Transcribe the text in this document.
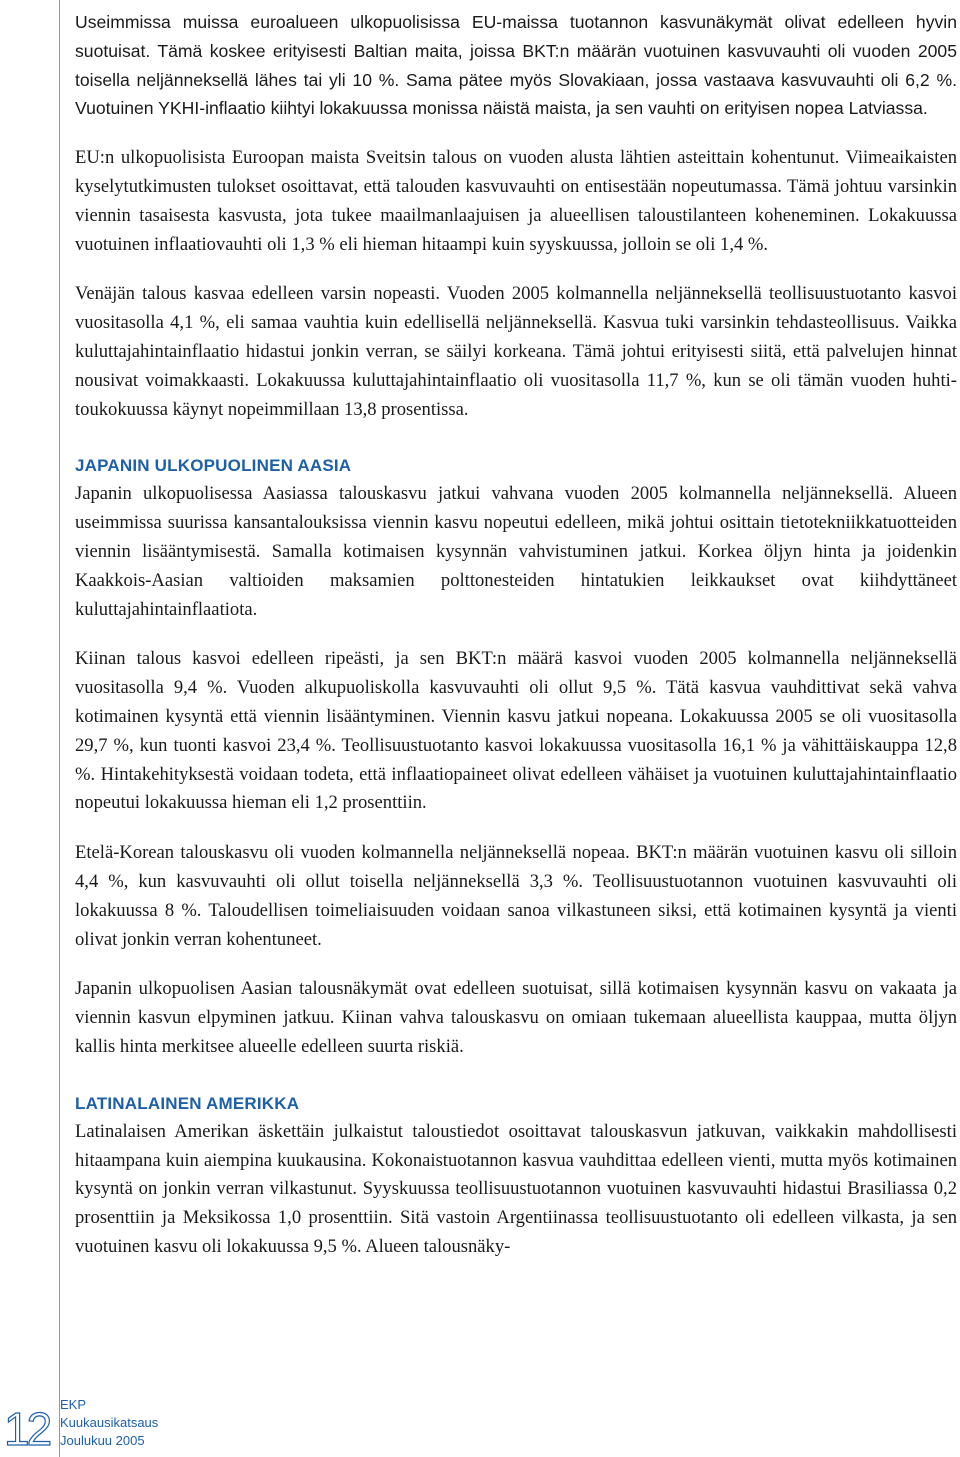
Useimmissa muissa euroalueen ulkopuolisissa EU-maissa tuotannon kasvunäkymät olivat edelleen hyvin suotuisat. Tämä koskee erityisesti Baltian maita, joissa BKT:n määrän vuotuinen kasvuvauhti oli vuoden 2005 toisella neljänneksellä lähes tai yli 10 %. Sama pätee myös Slovakiaan, jossa vastaava kasvuvauhti oli 6,2 %. Vuotuinen YKHI-inflaatio kiihtyi lokakuussa monissa näistä maista, ja sen vauhti on erityisen nopea Latviassa.

EU:n ulkopuolisista Euroopan maista Sveitsin talous on vuoden alusta lähtien asteittain kohentunut. Viimeaikaisten kyselytutkimusten tulokset osoittavat, että talouden kasvuvauhti on entisestään nopeutumassa. Tämä johtuu varsinkin viennin tasaisesta kasvusta, jota tukee maailmanlaajuisen ja alueellisen taloustilanteen koheneminen. Lokakuussa vuotuinen inflaatiovauhti oli 1,3 % eli hieman hitaampi kuin syyskuussa, jolloin se oli 1,4 %.

Venäjän talous kasvaa edelleen varsin nopeasti. Vuoden 2005 kolmannella neljänneksellä teollisuustuotanto kasvoi vuositasolla 4,1 %, eli samaa vauhtia kuin edellisellä neljänneksellä. Kasvua tuki varsinkin tehdasteollisuus. Vaikka kuluttajahintainflaatio hidastui jonkin verran, se säilyi korkeana. Tämä johtui erityisesti siitä, että palvelujen hinnat nousivat voimakkaasti. Lokakuussa kuluttajahintainflaatio oli vuositasolla 11,7 %, kun se oli tämän vuoden huhti-toukokuussa käynyt nopeimmillaan 13,8 prosentissa.

JAPANIN ULKOPUOLINEN AASIA

Japanin ulkopuolisessa Aasiassa talouskasvu jatkui vahvana vuoden 2005 kolmannella neljänneksellä. Alueen useimmissa suurissa kansantalouksissa viennin kasvu nopeutui edelleen, mikä johtui osittain tietotekniikkatuotteiden viennin lisääntymisestä. Samalla kotimaisen kysynnän vahvistuminen jatkui. Korkea öljyn hinta ja joidenkin Kaakkois-Aasian valtioiden maksamien polttonesteiden hintatukien leikkaukset ovat kiihdyttäneet kuluttajahintainflaatiota.

Kiinan talous kasvoi edelleen ripeästi, ja sen BKT:n määrä kasvoi vuoden 2005 kolmannella neljänneksellä vuositasolla 9,4 %. Vuoden alkupuoliskolla kasvuvauhti oli ollut 9,5 %. Tätä kasvua vauhdittivat sekä vahva kotimainen kysyntä että viennin lisääntyminen. Viennin kasvu jatkui nopeana. Lokakuussa 2005 se oli vuositasolla 29,7 %, kun tuonti kasvoi 23,4 %. Teollisuustuotanto kasvoi lokakuussa vuositasolla 16,1 % ja vähittäiskauppa 12,8 %. Hintakehityksestä voidaan todeta, että inflaatiopaineet olivat edelleen vähäiset ja vuotuinen kuluttajahintainflaatio nopeutui lokakuussa hieman eli 1,2 prosenttiin.

Etelä-Korean talouskasvu oli vuoden kolmannella neljänneksellä nopeaa. BKT:n määrän vuotuinen kasvu oli silloin 4,4 %, kun kasvuvauhti oli ollut toisella neljänneksellä 3,3 %. Teollisuustuotannon vuotuinen kasvuvauhti oli lokakuussa 8 %. Taloudellisen toimeliaisuuden voidaan sanoa vilkastuneen siksi, että kotimainen kysyntä ja vienti olivat jonkin verran kohentuneet.

Japanin ulkopuolisen Aasian talousnäkymät ovat edelleen suotuisat, sillä kotimaisen kysynnän kasvu on vakaata ja viennin kasvun elpyminen jatkuu. Kiinan vahva talouskasvu on omiaan tukemaan alueellista kauppaa, mutta öljyn kallis hinta merkitsee alueelle edelleen suurta riskiä.

LATINALAINEN AMERIKKA

Latinalaisen Amerikan äskettäin julkaistut taloustiedot osoittavat talouskasvun jatkuvan, vaikkakin mahdollisesti hitaampana kuin aiempina kuukausina. Kokonaistuotannon kasvua vauhdittaa edelleen vienti, mutta myös kotimainen kysyntä on jonkin verran vilkastunut. Syyskuussa teollisuustuotannon vuotuinen kasvuvauhti hidastui Brasiliassa 0,2 prosenttiin ja Meksikossa 1,0 prosenttiin. Sitä vastoin Argentiinassa teollisuustuotanto oli edelleen vilkasta, ja sen vuotuinen kasvu oli lokakuussa 9,5 %. Alueen talousnäky-

12 EKP
Kuukausikatsaus
Joulukuu 2005
